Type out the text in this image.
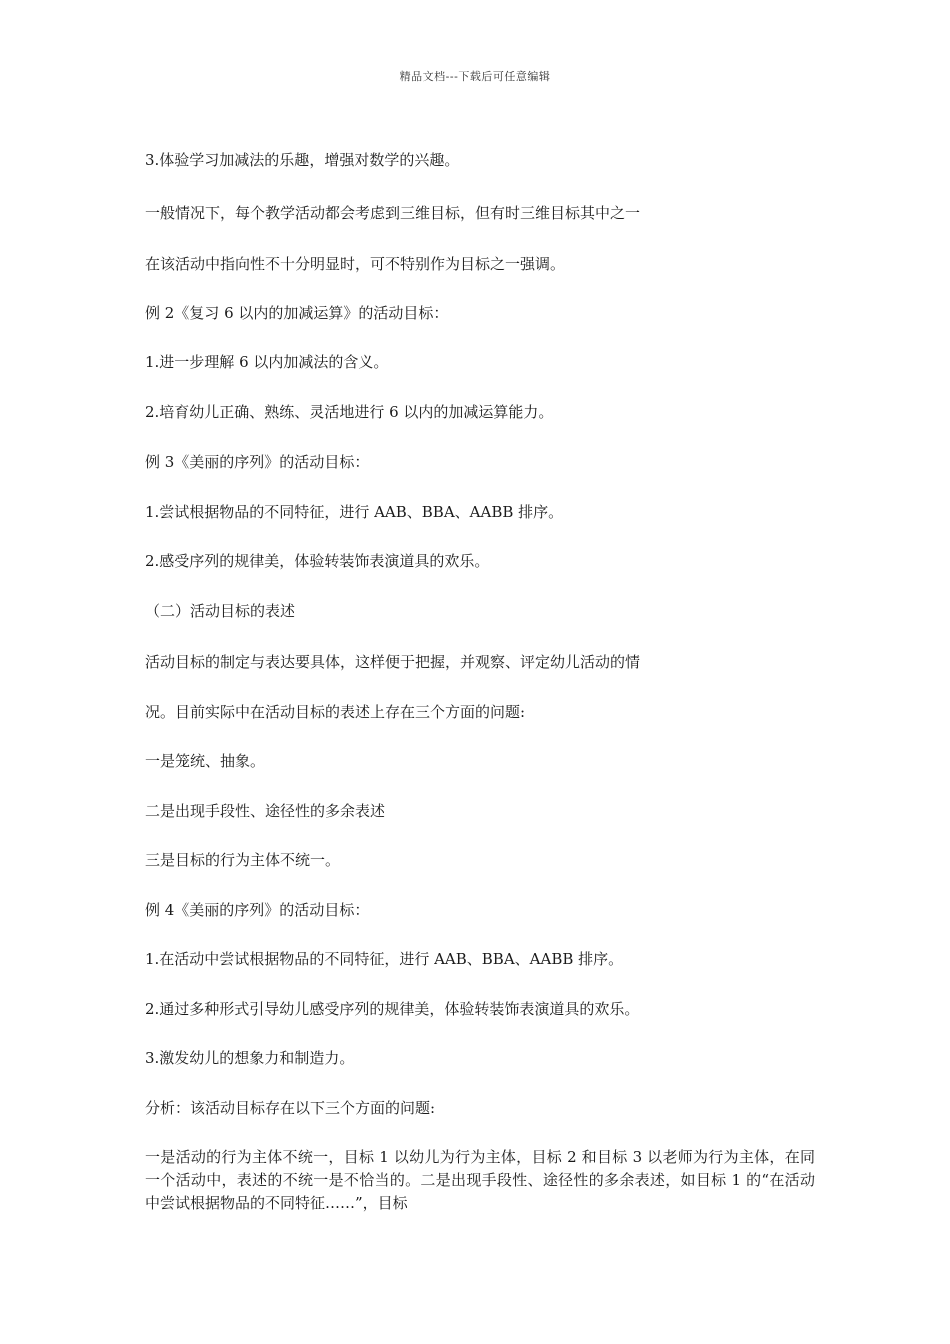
精品文档---下载后可任意编辑
3.体验学习加减法的乐趣，增强对数学的兴趣。
一般情况下，每个教学活动都会考虑到三维目标，但有时三维目标其中之一
在该活动中指向性不十分明显时，可不特别作为目标之一强调。
例 2《复习 6 以内的加减运算》的活动目标：
1.进一步理解 6 以内加减法的含义。
2.培育幼儿正确、熟练、灵活地进行 6 以内的加减运算能力。
例 3《美丽的序列》的活动目标：
1.尝试根据物品的不同特征，进行 AAB、BBA、AABB 排序。
2.感受序列的规律美，体验转装饰表演道具的欢乐。
（二）活动目标的表述
活动目标的制定与表达要具体，这样便于把握，并观察、评定幼儿活动的情
况。目前实际中在活动目标的表述上存在三个方面的问题:
一是笼统、抽象。
二是出现手段性、途径性的多余表述
三是目标的行为主体不统一。
例 4《美丽的序列》的活动目标：
1.在活动中尝试根据物品的不同特征，进行 AAB、BBA、AABB 排序。
2.通过多种形式引导幼儿感受序列的规律美，体验转装饰表演道具的欢乐。
3.激发幼儿的想象力和制造力。
分析：该活动目标存在以下三个方面的问题:
一是活动的行为主体不统一，目标 1 以幼儿为行为主体，目标 2 和目标 3 以老师为行为主体，在同一个活动中，表述的不统一是不恰当的。二是出现手段性、途径性的多余表述，如目标 1 的“在活动中尝试根据物品的不同特征……”，目标
